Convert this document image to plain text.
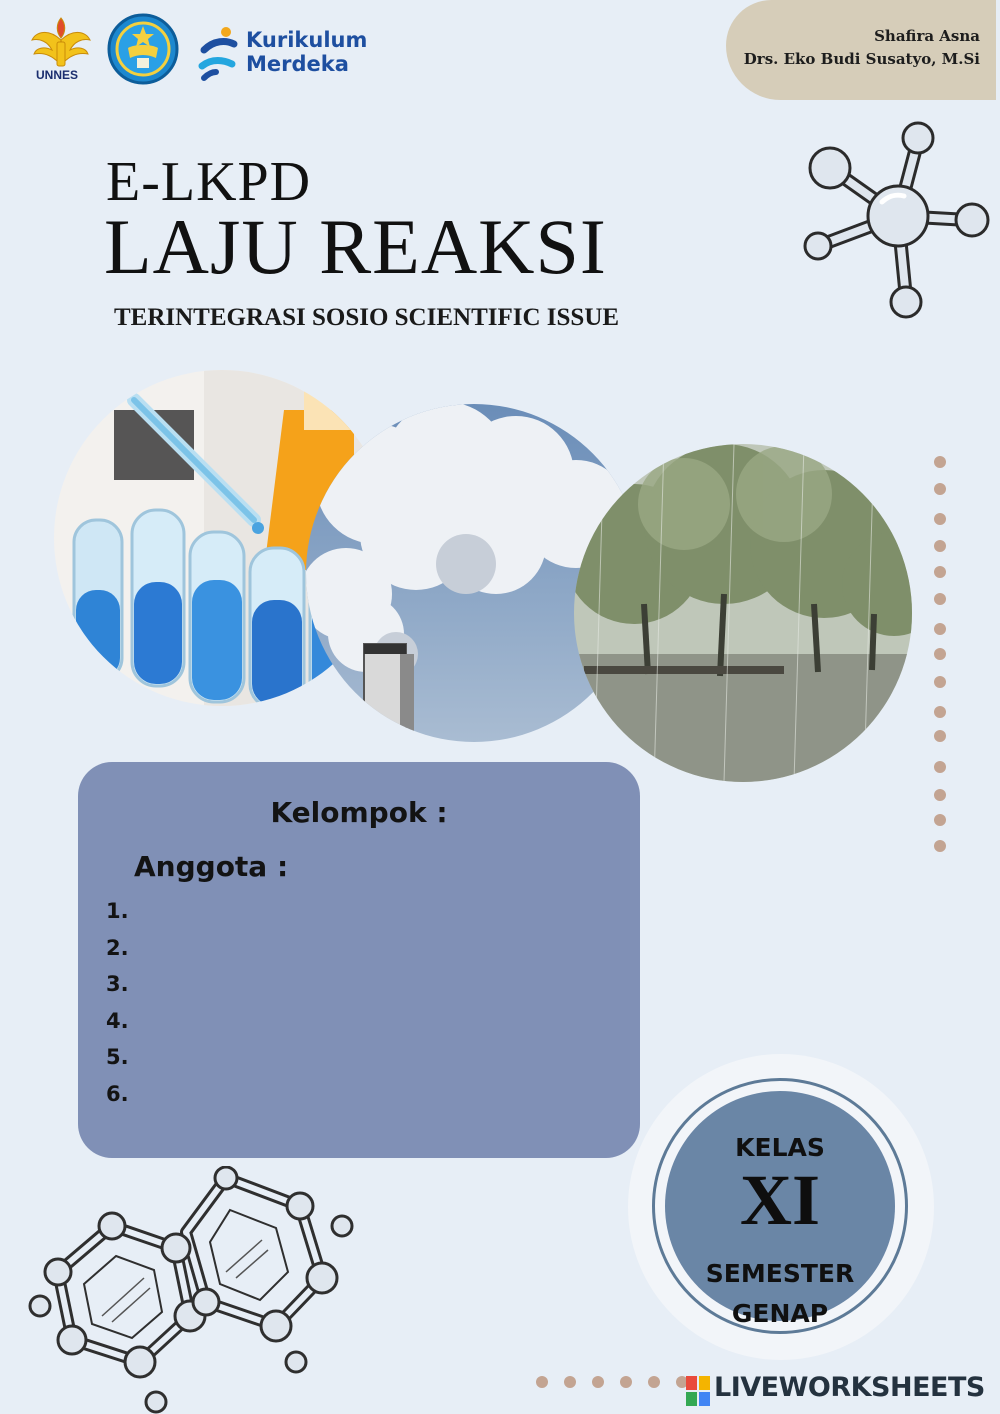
UNNES
Kurikulum
Merdeka
Shafira Asna
Drs. Eko Budi Susatyo, M.Si
E-LKPD
LAJU REAKSI
TERINTEGRASI SOSIO SCIENTIFIC ISSUE
Kelompok :
Anggota :
1.
2.
3.
4.
5.
6.
KELAS
XI
SEMESTER
GENAP
LIVEWORKSHEETS
